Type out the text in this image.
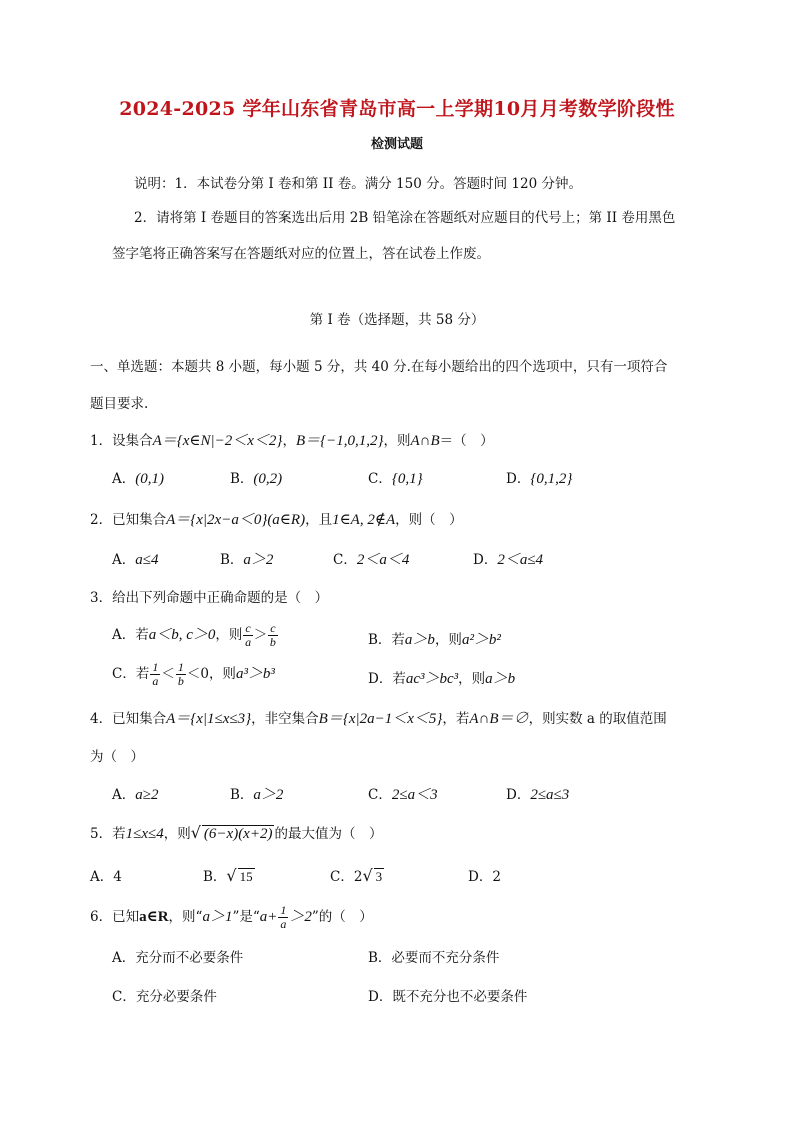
2024-2025 学年山东省青岛市高一上学期10月月考数学阶段性
检测试题
说明：1．本试卷分第 I 卷和第 II 卷。满分 150 分。答题时间 120 分钟。
2．请将第 I 卷题目的答案选出后用 2B 铅笔涂在答题纸对应题目的代号上；第 II 卷用黑色
签字笔将正确答案写在答题纸对应的位置上，答在试卷上作废。
第 I 卷（选择题，共 58 分）
一、单选题：本题共 8 小题，每小题 5 分，共 40 分.在每小题给出的四个选项中，只有一项符合
题目要求.
1．设集合A＝{x∈N|−2＜x＜2}，B＝{−1,0,1,2}，则A∩B＝（　）
A．(0,1)	B．(0,2)	C．{0,1}	D．{0,1,2}
2．已知集合A＝{x|2x−a＜0}(a∈R)，且1∈A, 2∉A，则（　）
A．a≤4	B．a＞2	C．2＜a＜4	D．2＜a≤4
3．给出下列命题中正确命题的是（　）
A．若a＜b, c＞0，则 $\frac{c}{a} > \frac{c}{b}$	B．若a＞b，则a²＞b²
C．若 $\frac{1}{a} < \frac{1}{b} <0$，则a³＞b³	D．若ac³＞bc³，则a＞b
4．已知集合A＝{x|1≤x≤3}，非空集合B＝{x|2a−1＜x＜5}，若A∩B＝∅，则实数 a 的取值范围
为（　）
A．a≥2	B．a＞2	C．2≤a＜3	D．2≤a≤3
5．若1≤x≤4，则√ (6−x)(x+2) 的最大值为（　）
A．4	B．√ 15	C．2√ 3	D．2
6．已知a∈R，则“a＞1”是“$a+ \frac{1}{a} >2$”的（　）
A．充分而不必要条件	B．必要而不充分条件
C．充分必要条件	D．既不充分也不必要条件
